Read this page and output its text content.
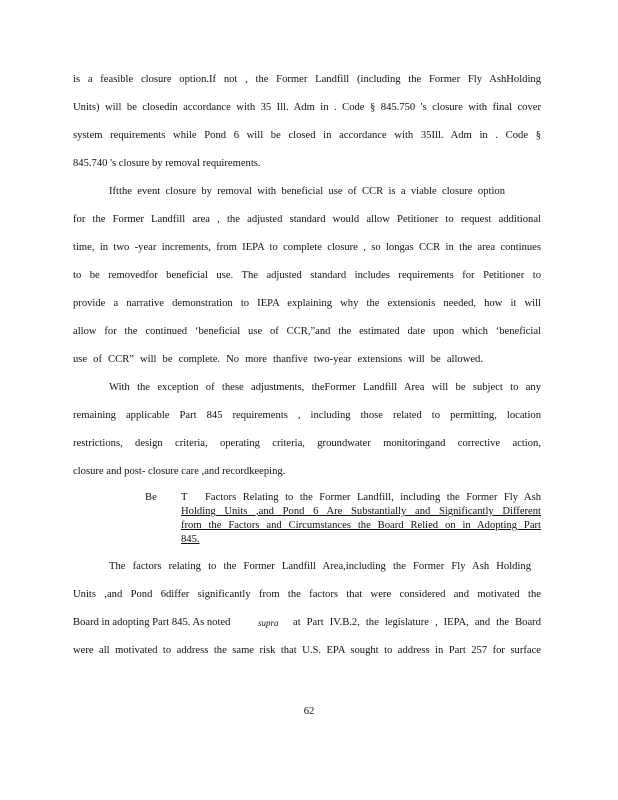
is a feasible closure option.If not , the Former Landfill (including the Former Fly AshHolding
Units) will be closedin accordance with 35 Ill. Adm in . Code § 845.750 's closure with final cover
system requirements while Pond 6 will be closed in accordance with 35Ill. Adm in . Code §
845.740 's closure by removal requirements.
Iftthe event closure by removal with beneficial use of CCR is a viable closure option
for the Former Landfill area , the adjusted standard would allow Petitioner to request additional
time, in two -year increments, from IEPA to complete closure , so longas CCR in the area continues
to be removedfor beneficial use. The adjusted standard includes requirements for Petitioner to
provide a narrative demonstration to IEPA explaining why the extensionis needed, how it will
allow for the continued ‘beneficial use of CCR,”and the estimated date upon which ‘beneficial
use of CCR” will be complete. No more thanfive two-year extensions will be allowed.
With the exception of these adjustments, theFormer Landfill Area will be subject to any
remaining applicable Part 845 requirements , including those related to permitting, location
restrictions, design criteria, operating criteria, groundwater monitoringand corrective action,
closure and post- closure care ,and recordkeeping.
Be T Factors Relating to the Former Landfill, including the Former Fly Ash
Holding Units ,and Pond 6 Are Substantially and Significantly Different
from the Factors and Circumstances the Board Relied on in Adopting Part
845.
The factors relating to the Former Landfill Area,including the Former Fly Ash Holding
Units ,and Pond 6differ significantly from the factors that were considered and motivated the
Board in adopting Part 845. As noted	supra	at Part IV.B.2, the legislature , IEPA, and the Board
were all motivated to address the same risk that U.S. EPA sought to address in Part 257 for surface
62
